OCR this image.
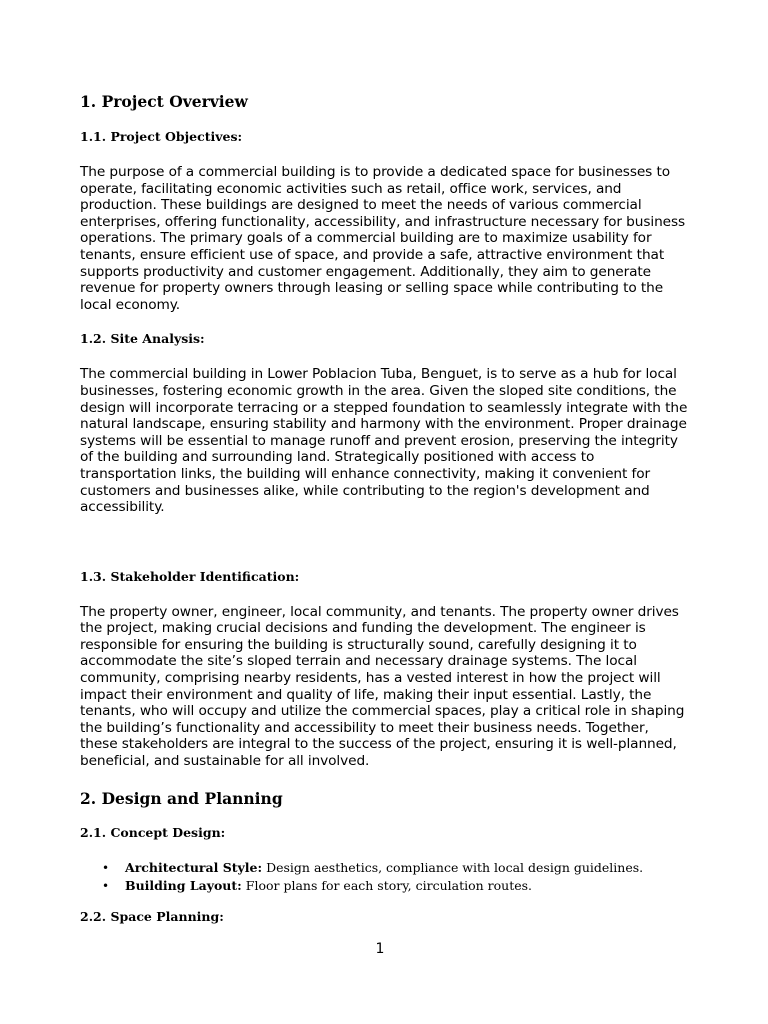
1. Project Overview
1.1. Project Objectives:

The purpose of a commercial building is to provide a dedicated space for businesses to operate, facilitating economic activities such as retail, office work, services, and production. These buildings are designed to meet the needs of various commercial enterprises, offering functionality, accessibility, and infrastructure necessary for business operations. The primary goals of a commercial building are to maximize usability for tenants, ensure efficient use of space, and provide a safe, attractive environment that supports productivity and customer engagement. Additionally, they aim to generate revenue for property owners through leasing or selling space while contributing to the local economy.

1.2. Site Analysis:

The commercial building in Lower Poblacion Tuba, Benguet, is to serve as a hub for local businesses, fostering economic growth in the area. Given the sloped site conditions, the design will incorporate terracing or a stepped foundation to seamlessly integrate with the natural landscape, ensuring stability and harmony with the environment. Proper drainage systems will be essential to manage runoff and prevent erosion, preserving the integrity of the building and surrounding land. Strategically positioned with access to transportation links, the building will enhance connectivity, making it convenient for customers and businesses alike, while contributing to the region's development and accessibility.

1.3. Stakeholder Identification:

The property owner, engineer, local community, and tenants. The property owner drives the project, making crucial decisions and funding the development. The engineer is responsible for ensuring the building is structurally sound, carefully designing it to accommodate the site’s sloped terrain and necessary drainage systems. The local community, comprising nearby residents, has a vested interest in how the project will impact their environment and quality of life, making their input essential. Lastly, the tenants, who will occupy and utilize the commercial spaces, play a critical role in shaping the building’s functionality and accessibility to meet their business needs. Together, these stakeholders are integral to the success of the project, ensuring it is well-planned, beneficial, and sustainable for all involved.

2. Design and Planning
2.1. Concept Design:
• Architectural Style: Design aesthetics, compliance with local design guidelines.
• Building Layout: Floor plans for each story, circulation routes.
2.2. Space Planning:
1
